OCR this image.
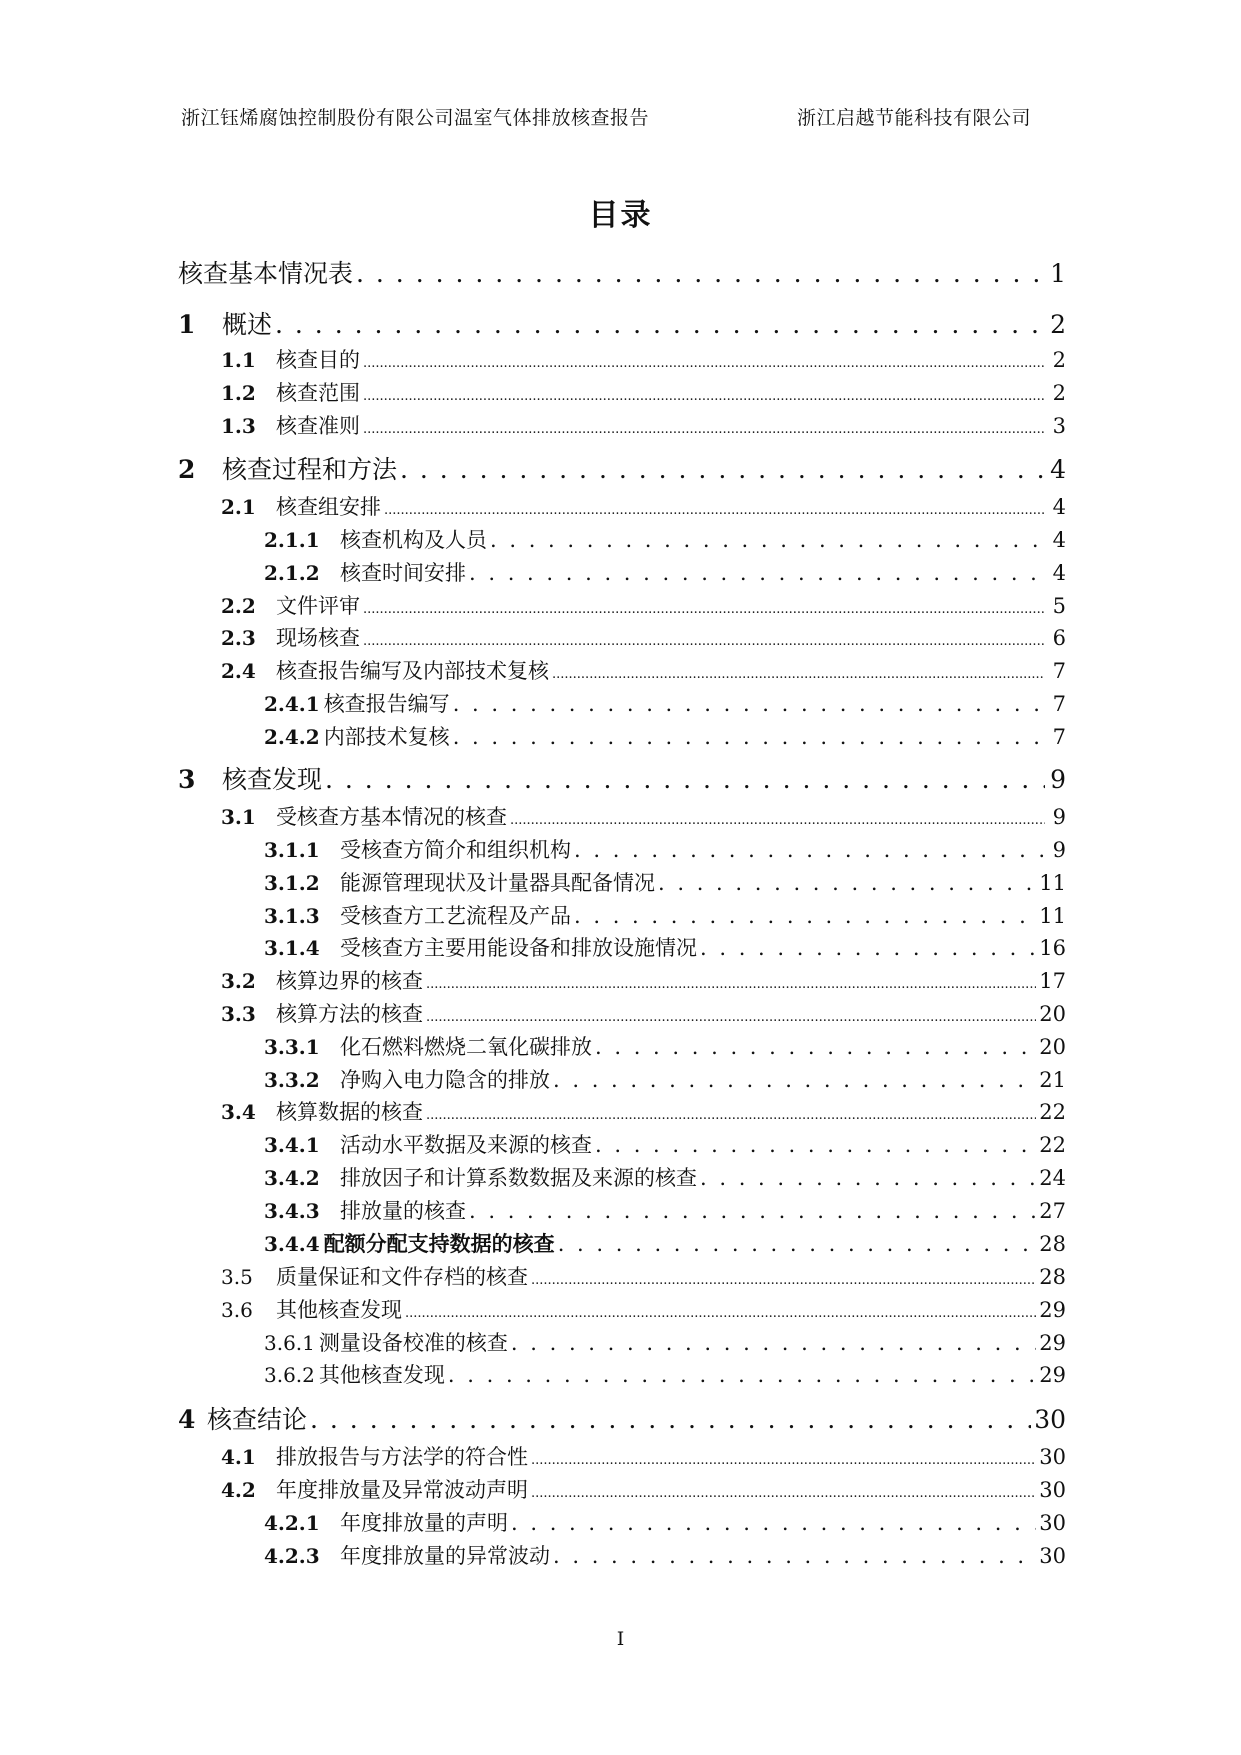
浙江钰烯腐蚀控制股份有限公司温室气体排放核查报告	浙江启越节能科技有限公司
目录
核查基本情况表 . . .	1
1	概述 . . .	2
1.1 核查目的 .....	2
1.2 核查范围 .....	2
1.3 核查准则 .....	3
2	核查过程和方法 . . .	4
2.1 核查组安排 .....	4
2.1.1 核查机构及人员 . . .	4
2.1.2 核查时间安排 . . .	4
2.2 文件评审 .....	5
2.3 现场核查 .....	6
2.4 核查报告编写及内部技术复核 .....	7
2.4.1 核查报告编写 . . .	7
2.4.2 内部技术复核 . . .	7
3	核查发现 . . .	9
3.1 受核查方基本情况的核查 .....	9
3.1.1 受核查方简介和组织机构 . . .	9
3.1.2 能源管理现状及计量器具配备情况 . . .	11
3.1.3 受核查方工艺流程及产品 . . .	11
3.1.4 受核查方主要用能设备和排放设施情况 . . .	16
3.2 核算边界的核查 .....	17
3.3 核算方法的核查 .....	20
3.3.1 化石燃料燃烧二氧化碳排放 . . .	20
3.3.2 净购入电力隐含的排放 . . .	21
3.4 核算数据的核查 .....	22
3.4.1 活动水平数据及来源的核查 . . .	22
3.4.2 排放因子和计算系数数据及来源的核查 . . .	24
3.4.3 排放量的核查 . . .	27
3.4.4 配额分配支持数据的核查 . . .	28
3.5	质量保证和文件存档的核查 .....	28
3.6	其他核查发现 .....	29
3.6.1 测量设备校准的核查 . . .	29
3.6.2 其他核查发现 . . .	29
4 核查结论 . . .	30
4.1 排放报告与方法学的符合性 .....	30
4.2 年度排放量及异常波动声明 .....	30
4.2.1 年度排放量的声明 . . .	30
4.2.3 年度排放量的异常波动 . . .	30
I
